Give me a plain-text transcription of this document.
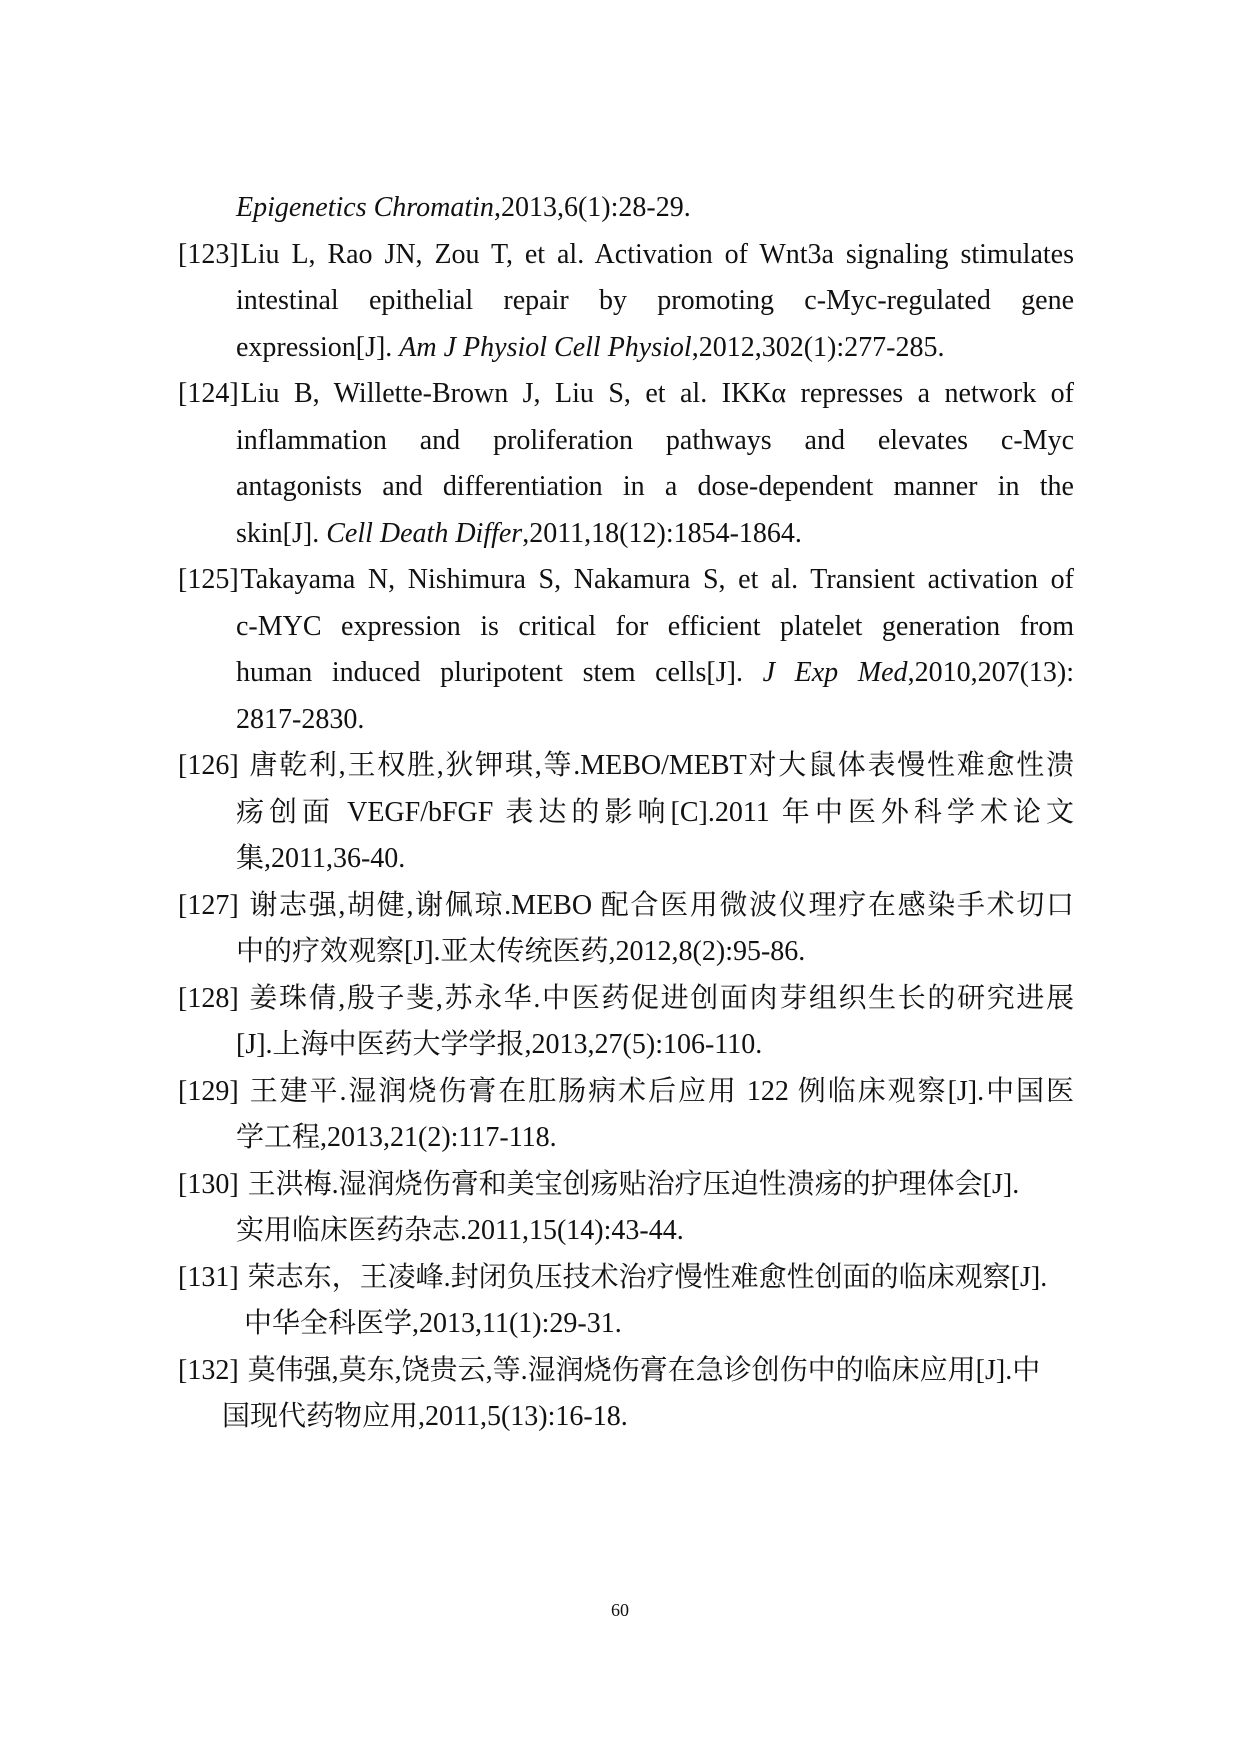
Epigenetics Chromatin,2013,6(1):28-29.
[123]Liu L, Rao JN, Zou T, et al. Activation of Wnt3a signaling stimulates
intestinal epithelial repair by promoting c-Myc-regulated gene
expression[J]. Am J Physiol Cell Physiol,2012,302(1):277-285.
[124]Liu B, Willette-Brown J, Liu S, et al. IKKα represses a network of
inflammation and proliferation pathways and elevates c-Myc
antagonists and differentiation in a dose-dependent manner in the
skin[J]. Cell Death Differ,2011,18(12):1854-1864.
[125]Takayama N, Nishimura S, Nakamura S, et al. Transient activation of
c-MYC expression is critical for efficient platelet generation from
human induced pluripotent stem cells[J]. J Exp Med,2010,207(13):
2817-2830.
[126] 唐乾利,王权胜,狄钾琪,等.MEBO/MEBT对大鼠体表慢性难愈性溃
疡创面 VEGF/bFGF 表达的影响[C].2011 年中医外科学术论文
集,2011,36-40.
[127] 谢志强,胡健,谢佩琼.MEBO 配合医用微波仪理疗在感染手术切口
中的疗效观察[J].亚太传统医药,2012,8(2):95-86.
[128] 姜珠倩,殷子斐,苏永华.中医药促进创面肉芽组织生长的研究进展
[J].上海中医药大学学报,2013,27(5):106-110.
[129] 王建平.湿润烧伤膏在肛肠病术后应用 122 例临床观察[J].中国医
学工程,2013,21(2):117-118.
[130] 王洪梅.湿润烧伤膏和美宝创疡贴治疗压迫性溃疡的护理体会[J].
实用临床医药杂志.2011,15(14):43-44.
[131] 荣志东，王凌峰.封闭负压技术治疗慢性难愈性创面的临床观察[J].
中华全科医学,2013,11(1):29-31.
[132] 莫伟强,莫东,饶贵云,等.湿润烧伤膏在急诊创伤中的临床应用[J].中
国现代药物应用,2011,5(13):16-18.
60
